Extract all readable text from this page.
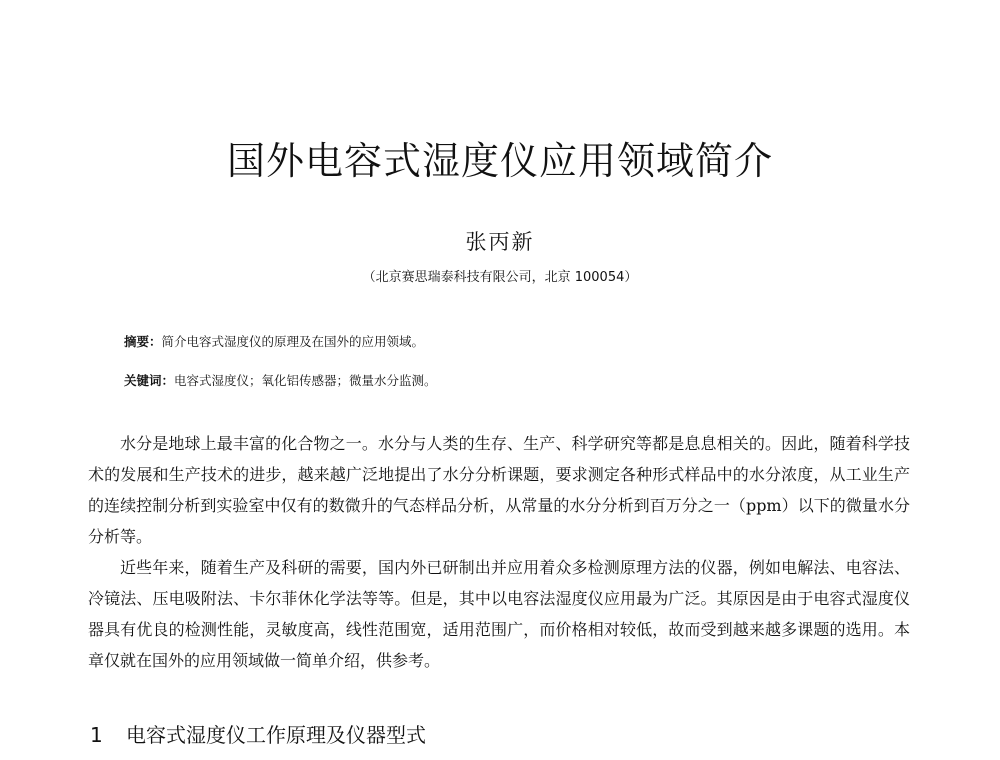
国外电容式湿度仪应用领域简介
张丙新
（北京赛思瑞泰科技有限公司，北京 100054）
摘要：简介电容式湿度仪的原理及在国外的应用领域。
关键词：电容式湿度仪；氧化铝传感器；微量水分监测。

水分是地球上最丰富的化合物之一。水分与人类的生存、生产、科学研究等都是息息相关的。因此，随着科学技术的发展和生产技术的进步，越来越广泛地提出了水分分析课题，要求测定各种形式样品中的水分浓度，从工业生产的连续控制分析到实验室中仅有的数微升的气态样品分析，从常量的水分分析到百万分之一（ppm）以下的微量水分分析等。

近些年来，随着生产及科研的需要，国内外已研制出并应用着众多检测原理方法的仪器，例如电解法、电容法、冷镜法、压电吸附法、卡尔菲休化学法等等。但是，其中以电容法湿度仪应用最为广泛。其原因是由于电容式湿度仪器具有优良的检测性能，灵敏度高，线性范围宽，适用范围广，而价格相对较低，故而受到越来越多课题的选用。本章仅就在国外的应用领域做一简单介绍，供参考。

1 电容式湿度仪工作原理及仪器型式
